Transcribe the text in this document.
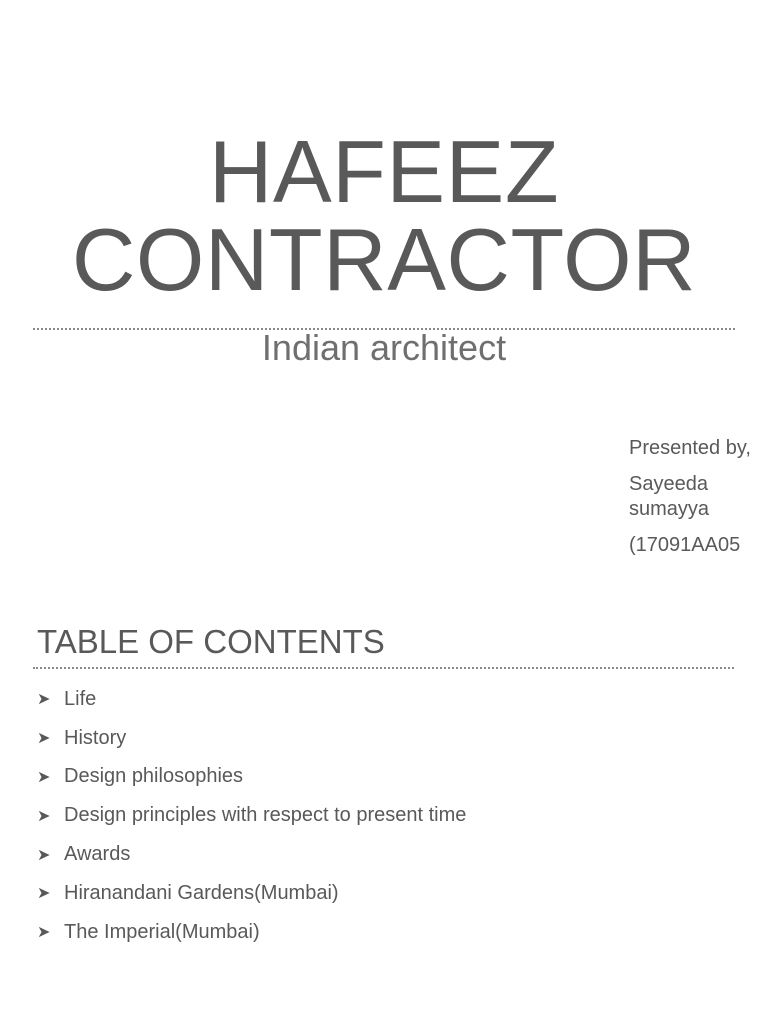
HAFEEZ
CONTRACTOR
Indian architect

Presented by,

Sayeeda sumayya

(17091AA05

TABLE OF CONTENTS
➤ Life
➤ History
➤ Design philosophies
➤ Design principles with respect to present time
➤ Awards
➤ Hiranandani Gardens(Mumbai)
➤ The Imperial(Mumbai)
